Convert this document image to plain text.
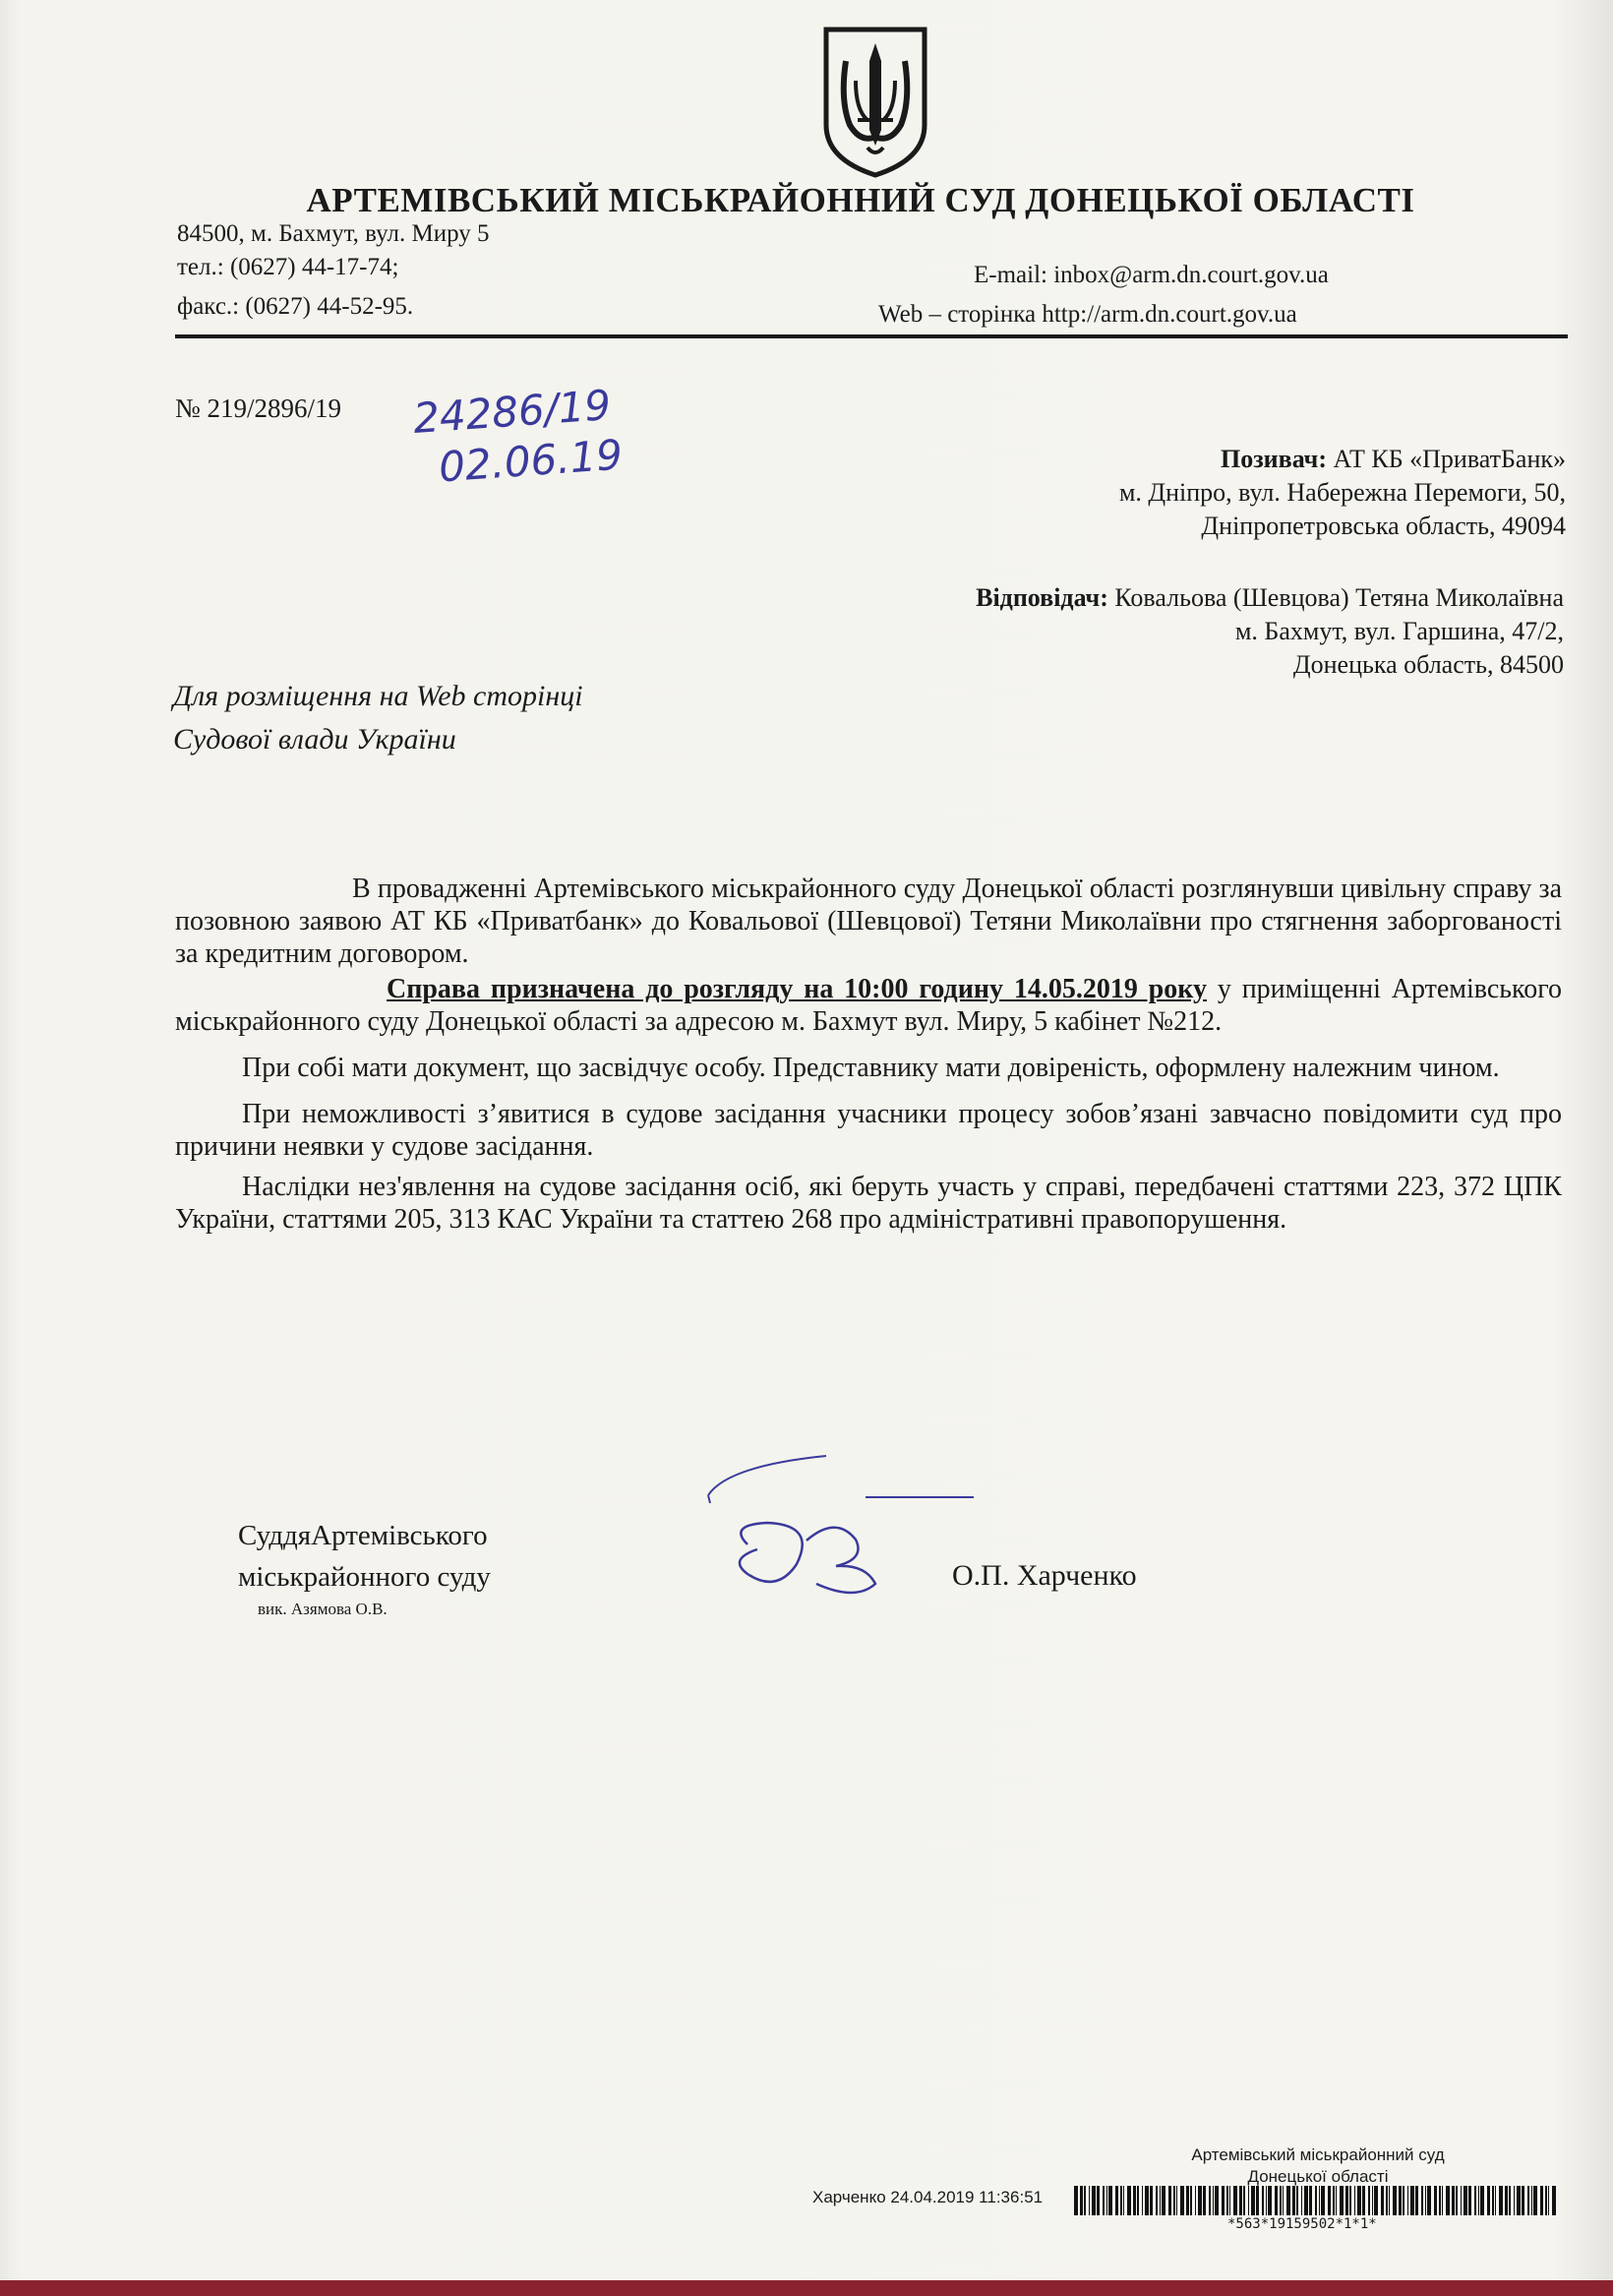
АРТЕМІВСЬКИЙ МІСЬКРАЙОННИЙ СУД ДОНЕЦЬКОЇ ОБЛАСТІ
84500, м. Бахмут, вул. Миру 5
тел.: (0627) 44-17-74;
факс.: (0627) 44-52-95.
E-mail: inbox@arm.dn.court.gov.ua
Web – сторінка http://arm.dn.court.gov.ua
№ 219/2896/19 24286/19
02.06.19	Позивач: АТ КБ «ПриватБанк»
м. Дніпро, вул. Набережна Перемоги, 50,
Дніпропетровська область, 49094
Відповідач: Ковальова (Шевцова) Тетяна Миколаївна
м. Бахмут, вул. Гаршина, 47/2,
Донецька область, 84500
Для розміщення на Web сторінці
Судової влади України

В провадженні Артемівського міськрайонного суду Донецької області розглянувши цивільну справу за позовною заявою АТ КБ «Приватбанк» до Ковальової (Шевцової) Тетяни Миколаївни про стягнення заборгованості за кредитним договором.

Справа призначена до розгляду на 10:00 годину 14.05.2019 року у приміщенні Артемівського міськрайонного суду Донецької області за адресою м. Бахмут вул. Миру, 5 кабінет №212.

При собі мати документ, що засвідчує особу. Представнику мати довіреність, оформлену належним чином.

При неможливості з’явитися в судове засідання учасники процесу зобов’язані завчасно повідомити суд про причини неявки у судове засідання.

Наслідки нез'явлення на судове засідання осіб, які беруть участь у справі, передбачені статтями 223, 372 ЦПК України, статтями 205, 313 КАС України та статтею 268 про адміністративні правопорушення.

СуддяАртемівського
міськрайонного суду
вик. Азямова О.В.
О.П. Харченко
Артемівський міськрайонний суд
Донецької області
Харченко 24.04.2019 11:36:51
*563*19159502*1*1*
